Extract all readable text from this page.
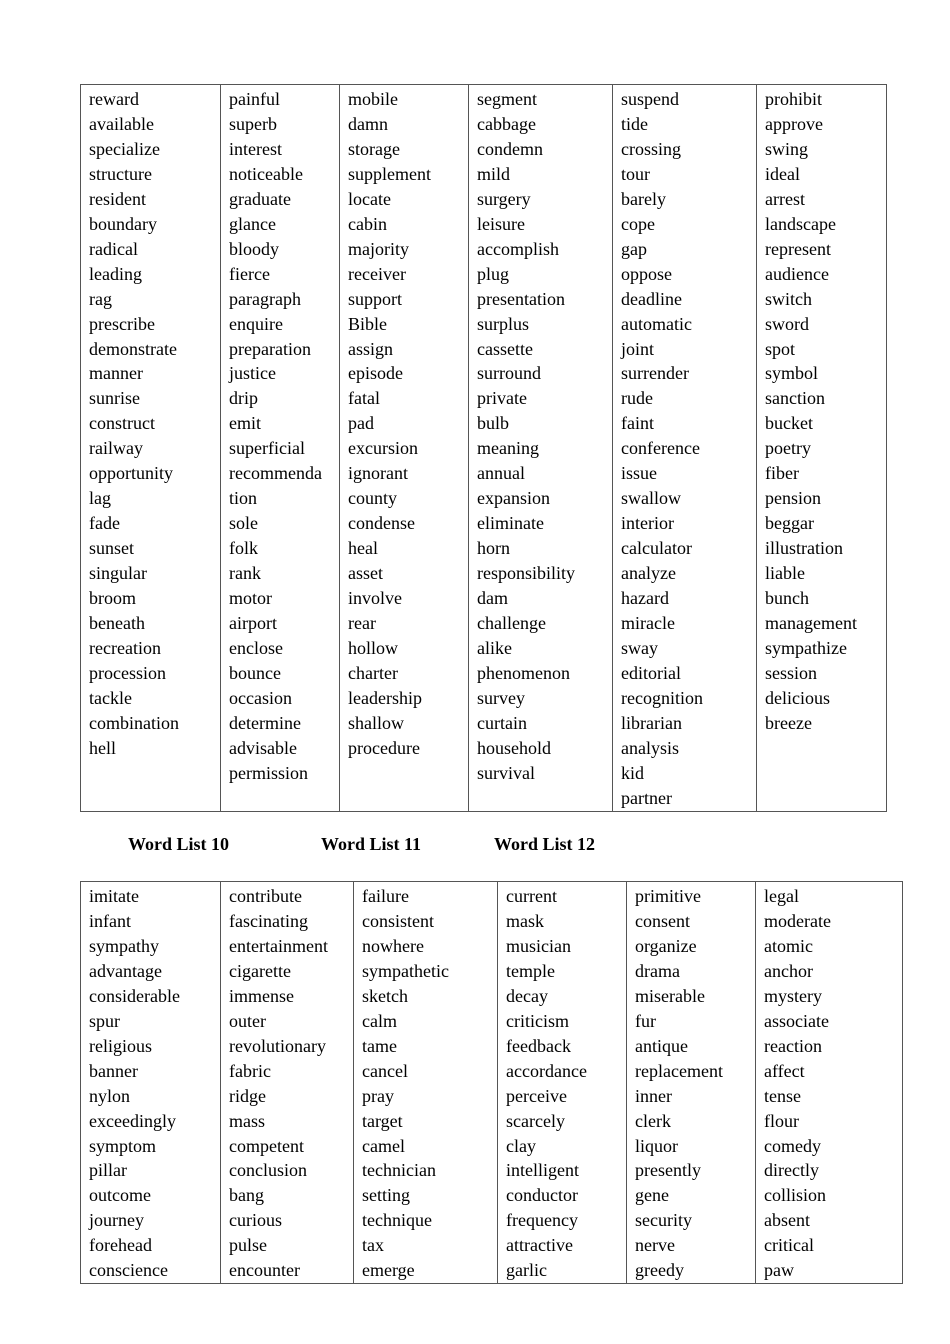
reward
available
specialize
structure
resident
boundary
radical
leading
rag
prescribe
demonstrate
manner
sunrise
construct
railway
opportunity
lag
fade
sunset
singular
broom
beneath
recreation
procession
tackle
combination
hell

painful
superb
interest
noticeable
graduate
glance
bloody
fierce
paragraph
enquire
preparation
justice
drip
emit
superficial
recommenda
tion
sole
folk
rank
motor
airport
enclose
bounce
occasion
determine
advisable
permission

mobile
damn
storage
supplement
locate
cabin
majority
receiver
support
Bible
assign
episode
fatal
pad
excursion
ignorant
county
condense
heal
asset
involve
rear
hollow
charter
leadership
shallow
procedure

segment
cabbage
condemn
mild
surgery
leisure
accomplish
plug
presentation
surplus
cassette
surround
private
bulb
meaning
annual
expansion
eliminate
horn
responsibility
dam
challenge
alike
phenomenon
survey
curtain
household
survival

suspend
tide
crossing
tour
barely
cope
gap
oppose
deadline
automatic
joint
surrender
rude
faint
conference
issue
swallow
interior
calculator
analyze
hazard
miracle
sway
editorial
recognition
librarian
analysis
kid
partner

prohibit
approve
swing
ideal
arrest
landscape
represent
audience
switch
sword
spot
symbol
sanction
bucket
poetry
fiber
pension
beggar
illustration
liable
bunch
management
sympathize
session
delicious
breeze
Word List 10	Word List 11	Word List 12
imitate
infant
sympathy
advantage
considerable
spur
religious
banner
nylon
exceedingly
symptom
pillar
outcome
journey
forehead
conscience

contribute
fascinating
entertainment
cigarette
immense
outer
revolutionary
fabric
ridge
mass
competent
conclusion
bang
curious
pulse
encounter

failure
consistent
nowhere
sympathetic
sketch
calm
tame
cancel
pray
target
camel
technician
setting
technique
tax
emerge

current
mask
musician
temple
decay
criticism
feedback
accordance
perceive
scarcely
clay
intelligent
conductor
frequency
attractive
garlic

primitive
consent
organize
drama
miserable
fur
antique
replacement
inner
clerk
liquor
presently
gene
security
nerve
greedy

legal
moderate
atomic
anchor
mystery
associate
reaction
affect
tense
flour
comedy
directly
collision
absent
critical
paw
